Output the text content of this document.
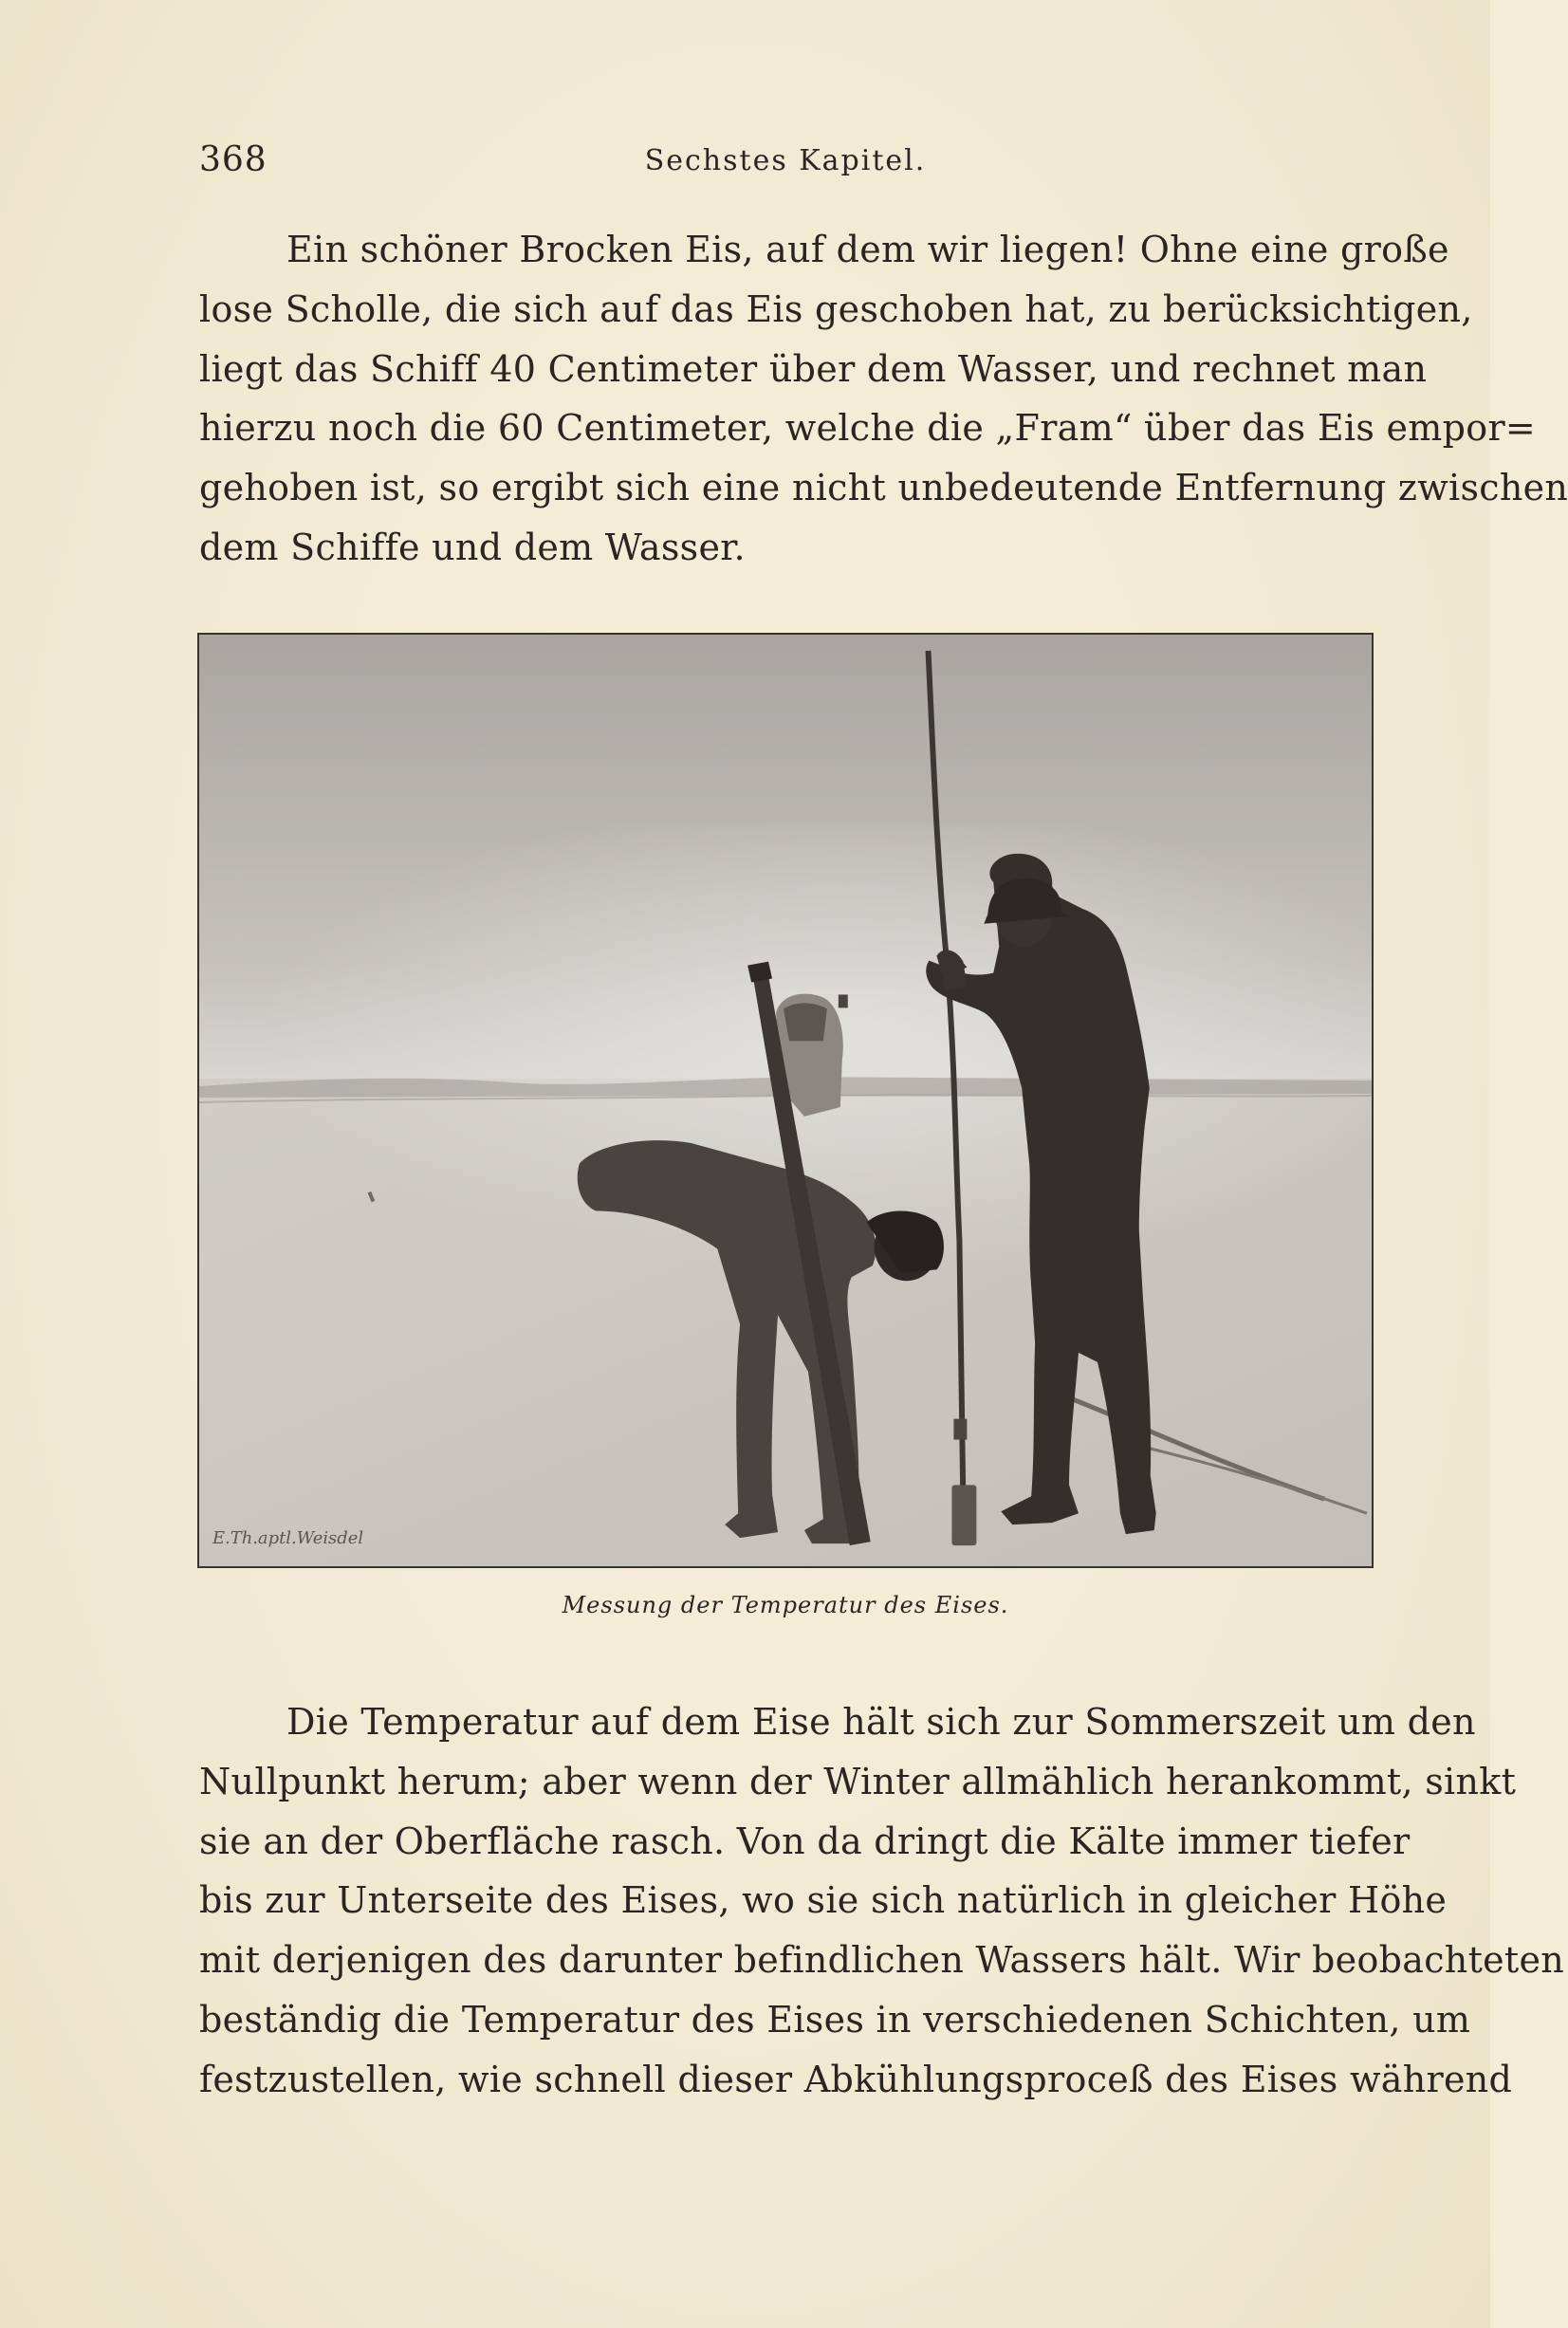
368	Sechstes Kapitel.
Ein schöner Brocken Eis, auf dem wir liegen! Ohne eine große
lose Scholle, die sich auf das Eis geschoben hat, zu berücksichtigen,
liegt das Schiff 40 Centimeter über dem Wasser, und rechnet man
hierzu noch die 60 Centimeter, welche die „Fram“ über das Eis empor=
gehoben ist, so ergibt sich eine nicht unbedeutende Entfernung zwischen
dem Schiffe und dem Wasser.
E.Th.aptl.Weisdel
Messung der Temperatur des Eises.
Die Temperatur auf dem Eise hält sich zur Sommerszeit um den
Nullpunkt herum; aber wenn der Winter allmählich herankommt, sinkt
sie an der Oberfläche rasch. Von da dringt die Kälte immer tiefer
bis zur Unterseite des Eises, wo sie sich natürlich in gleicher Höhe
mit derjenigen des darunter befindlichen Wassers hält. Wir beobachteten
beständig die Temperatur des Eises in verschiedenen Schichten, um
festzustellen, wie schnell dieser Abkühlungsproceß des Eises während
